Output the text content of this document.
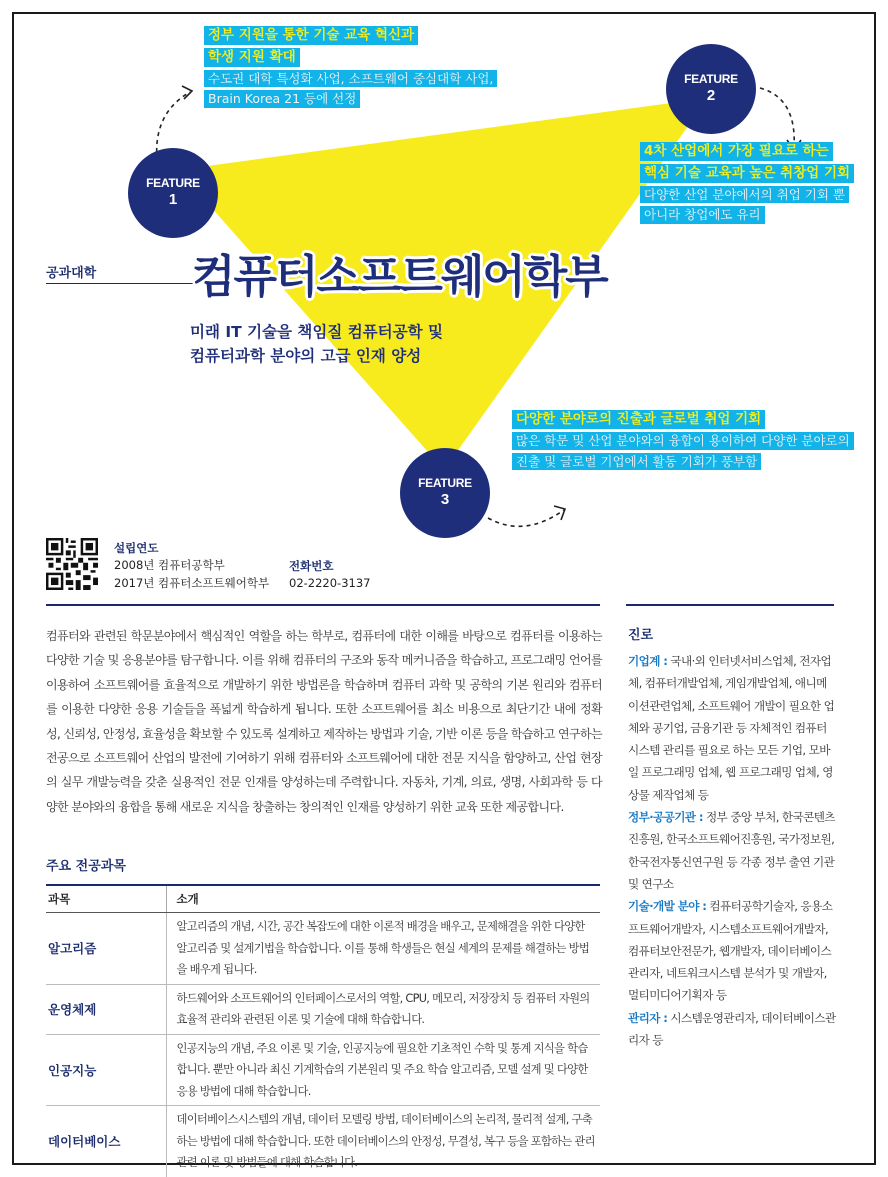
FEATURE
1
FEATURE
2
FEATURE
3
정부 지원을 통한 기술 교육 혁신과
학생 지원 확대
수도권 대학 특성화 사업, 소프트웨어 중심대학 사업,
Brain Korea 21 등에 선정
4차 산업에서 가장 필요로 하는
핵심 기술 교육과 높은 취창업 기회
다양한 산업 분야에서의 취업 기회 뿐
아니라 창업에도 유리
다양한 분야로의 진출과 글로벌 취업 기회
많은 학문 및 산업 분야와의 융합이 용이하여 다양한 분야로의
진출 및 글로벌 기업에서 활동 기회가 풍부함
공과대학 컴퓨터소프트웨어학부
미래 IT 기술을 책임질 컴퓨터공학 및
컴퓨터과학 분야의 고급 인재 양성
설립연도
2008년 컴퓨터공학부
2017년 컴퓨터소프트웨어학부
전화번호
02-2220-3137

컴퓨터와 관련된 학문분야에서 핵심적인 역할을 하는 학부로, 컴퓨터에 대한 이해를 바탕으로 컴퓨터를 이용하는 다양한 기술 및 응용분야를 탐구합니다. 이를 위해 컴퓨터의 구조와 동작 메커니즘을 학습하고, 프로그래밍 언어를 이용하여 소프트웨어를 효율적으로 개발하기 위한 방법론을 학습하며 컴퓨터 과학 및 공학의 기본 원리와 컴퓨터를 이용한 다양한 응용 기술들을 폭넓게 학습하게 됩니다. 또한 소프트웨어를 최소 비용으로 최단기간 내에 정확성, 신뢰성, 안정성, 효율성을 확보할 수 있도록 설계하고 제작하는 방법과 기술, 기반 이론 등을 학습하고 연구하는 전공으로 소프트웨어 산업의 발전에 기여하기 위해 컴퓨터와 소프트웨어에 대한 전문 지식을 함양하고, 산업 현장의 실무 개발능력을 갖춘 실용적인 전문 인재를 양성하는데 주력합니다. 자동차, 기계, 의료, 생명, 사회과학 등 다양한 분야와의 융합을 통해 새로운 지식을 창출하는 창의적인 인재를 양성하기 위한 교육 또한 제공합니다.

주요 전공과목
과목	소개
알고리즘	알고리즘의 개념, 시간, 공간 복잡도에 대한 이론적 배경을 배우고, 문제해결을 위한 다양한 알고리즘 및 설계기법을 학습합니다. 이를 통해 학생들은 현실 세계의 문제를 해결하는 방법을 배우게 됩니다.
운영체제	하드웨어와 소프트웨어의 인터페이스로서의 역할, CPU, 메모리, 저장장치 등 컴퓨터 자원의 효율적 관리와 관련된 이론 및 기술에 대해 학습합니다.
인공지능	인공지능의 개념, 주요 이론 및 기술, 인공지능에 필요한 기초적인 수학 및 통계 지식을 학습합니다. 뿐만 아니라 최신 기계학습의 기본원리 및 주요 학습 알고리즘, 모델 설계 및 다양한 응용 방법에 대해 학습합니다.
데이터베이스	데이터베이스시스템의 개념, 데이터 모델링 방법, 데이터베이스의 논리적, 물리적 설계, 구축하는 방법에 대해 학습합니다. 또한 데이터베이스의 안정성, 무결성, 복구 등을 포함하는 관리 관련 이론 및 방법들에 대해 학습합니다.
진로

기업계 : 국내·외 인터넷서비스업체, 전자업체, 컴퓨터개발업체, 게임개발업체, 애니메이션관련업체, 소프트웨어 개발이 필요한 업체와 공기업, 금융기관 등 자체적인 컴퓨터 시스템 관리를 필요로 하는 모든 기업, 모바일 프로그래밍 업체, 웹 프로그래밍 업체, 영상물 제작업체 등

정부·공공기관 : 정부 중앙 부처, 한국콘텐츠진흥원, 한국소프트웨어진흥원, 국가정보원, 한국전자통신연구원 등 각종 정부 출연 기관 및 연구소

기술·개발 분야 : 컴퓨터공학기술자, 응용소프트웨어개발자, 시스템소프트웨어개발자, 컴퓨터보안전문가, 웹개발자, 데이터베이스관리자, 네트워크시스템 분석가 및 개발자, 멀티미디어기획자 등

관리자 : 시스템운영관리자, 데이터베이스관리자 등
